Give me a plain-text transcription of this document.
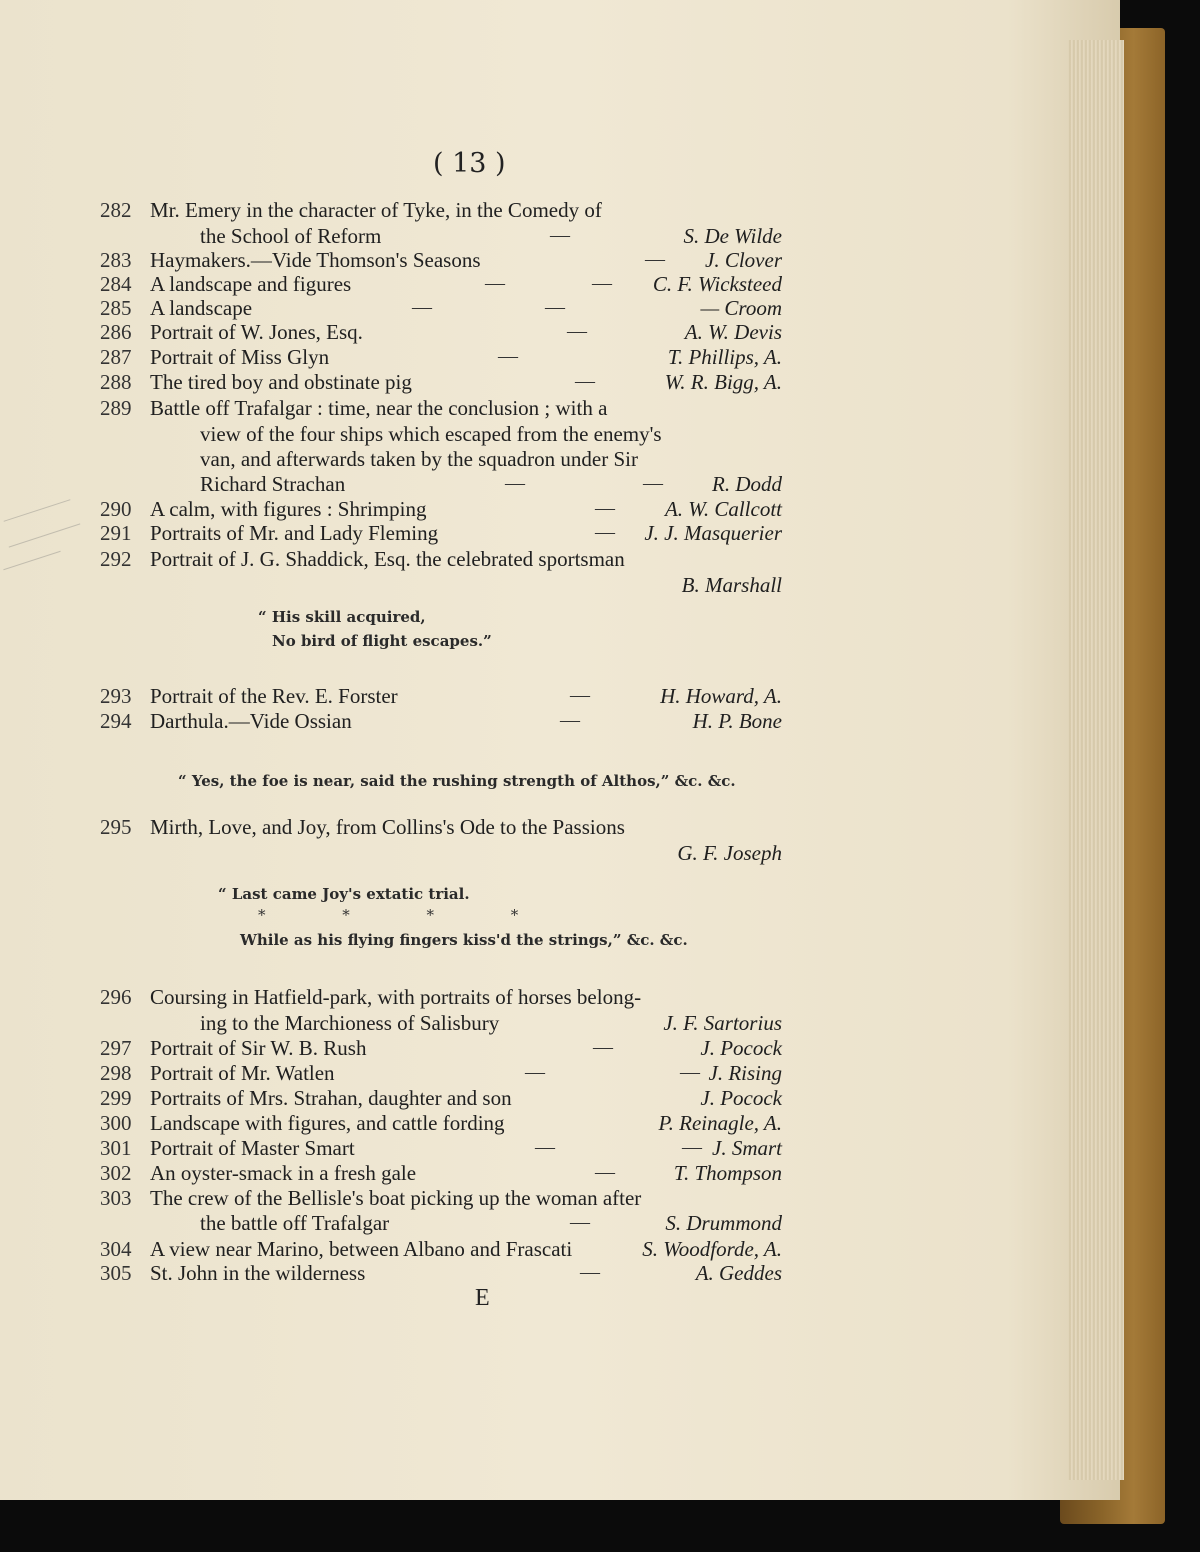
( 13 )
282 Mr. Emery in the character of Tyke, in the Comedy of
the School of Reform	—	S. De Wilde
283 Haymakers.—Vide Thomson's Seasons	— J. Clover
284 A landscape and figures	—	— C. F. Wicksteed
285 A landscape	—	—	— Croom
286 Portrait of W. Jones, Esq.	—	A. W. Devis
287 Portrait of Miss Glyn	—	T. Phillips, A.
288 The tired boy and obstinate pig	—	W. R. Bigg, A.
289 Battle off Trafalgar : time, near the conclusion ; with a
view of the four ships which escaped from the enemy's
van, and afterwards taken by the squadron under Sir
Richard Strachan	—	— R. Dodd
290 A calm, with figures : Shrimping	— A. W. Callcott
291 Portraits of Mr. and Lady Fleming	— J. J. Masquerier
292 Portrait of J. G. Shaddick, Esq. the celebrated sportsman
B. Marshall
“ His skill acquired,
No bird of flight escapes.”
293 Portrait of the Rev. E. Forster	—	H. Howard, A.
294 Darthula.—Vide Ossian	—	H. P. Bone
“ Yes, the foe is near, said the rushing strength of Althos,” &c. &c.
295 Mirth, Love, and Joy, from Collins's Ode to the Passions
G. F. Joseph
“ Last came Joy's extatic trial.
* * * *
While as his flying fingers kiss'd the strings,” &c. &c.
296 Coursing in Hatfield-park, with portraits of horses belong-
ing to the Marchioness of Salisbury	J. F. Sartorius
297 Portrait of Sir W. B. Rush	—	J. Pocock
298 Portrait of Mr. Watlen	—	— J. Rising
299 Portraits of Mrs. Strahan, daughter and son	J. Pocock
300 Landscape with figures, and cattle fording	P. Reinagle, A.
301 Portrait of Master Smart	—	— J. Smart
302 An oyster-smack in a fresh gale	—	T. Thompson
303 The crew of the Bellisle's boat picking up the woman after
the battle off Trafalgar	—	S. Drummond
304 A view near Marino, between Albano and Frascati	S. Woodforde, A.
305 St. John in the wilderness	—	A. Geddes
E
